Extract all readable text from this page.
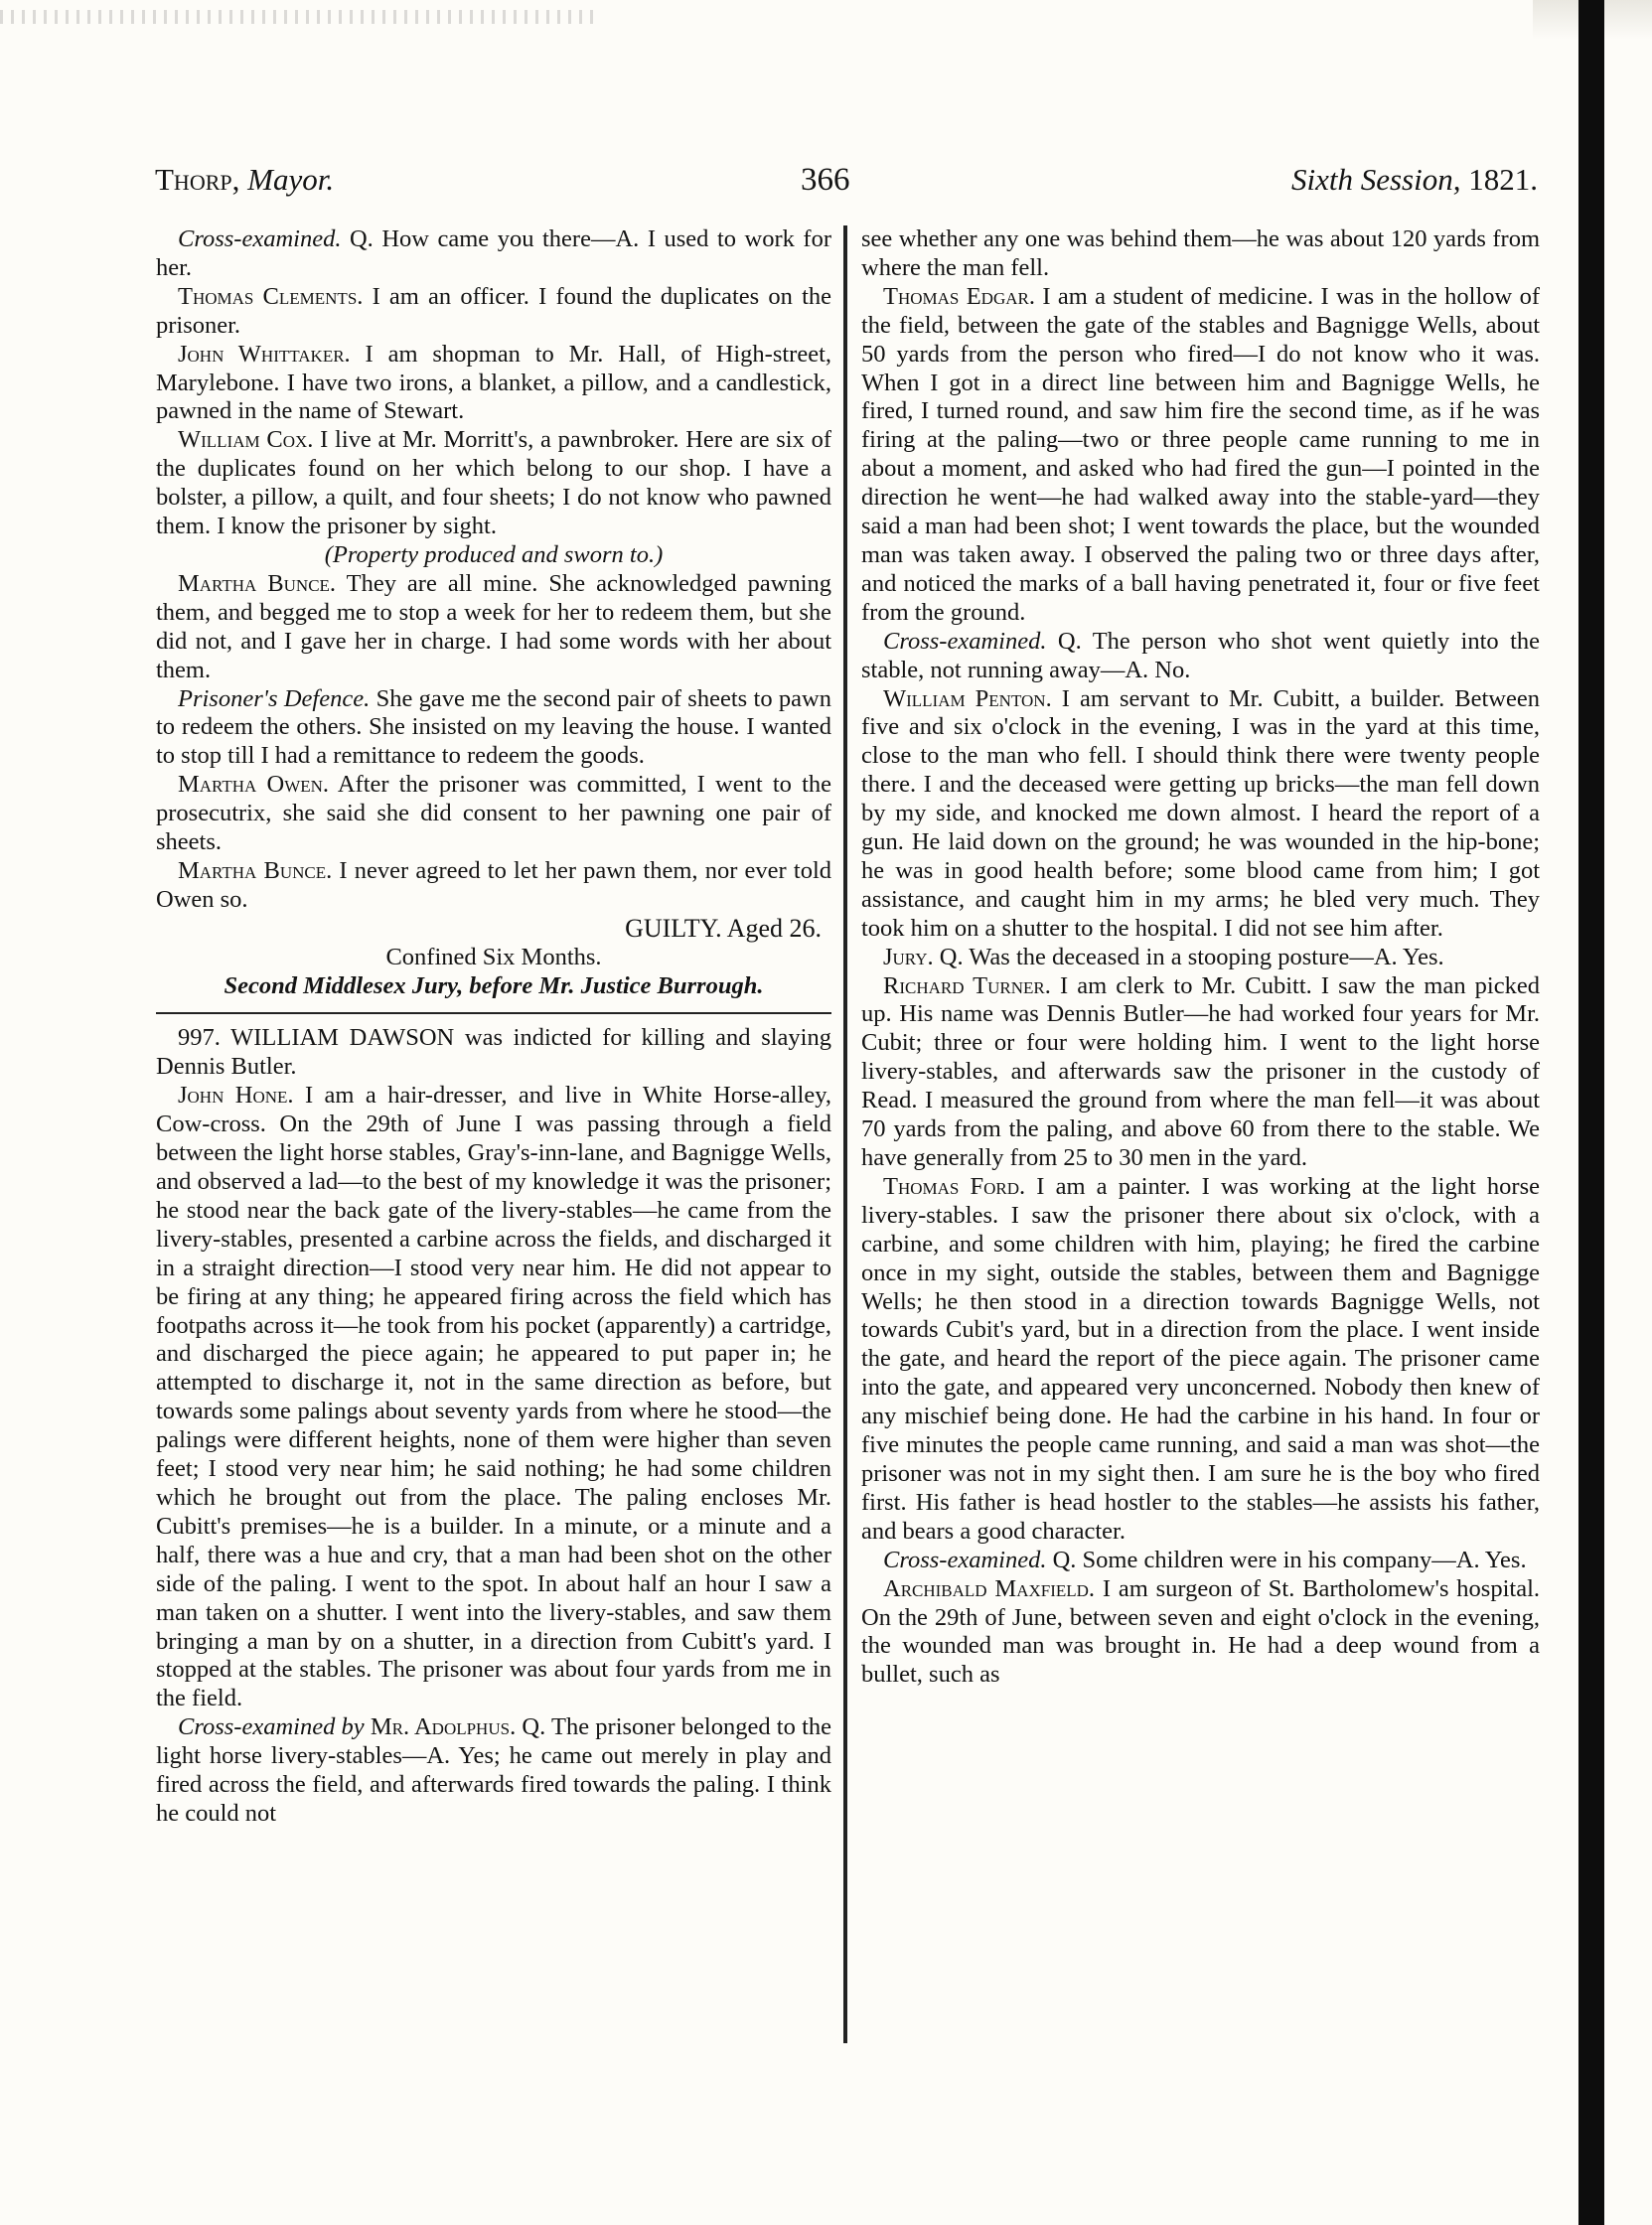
Thorp, Mayor.	366	Sixth Session, 1821.

Cross-examined. Q. How came you there—A. I used to work for her.

Thomas Clements. I am an officer. I found the duplicates on the prisoner.

John Whittaker. I am shopman to Mr. Hall, of High-street, Marylebone. I have two irons, a blanket, a pillow, and a candlestick, pawned in the name of Stewart.

William Cox. I live at Mr. Morritt's, a pawnbroker. Here are six of the duplicates found on her which belong to our shop. I have a bolster, a pillow, a quilt, and four sheets; I do not know who pawned them. I know the prisoner by sight.

(Property produced and sworn to.)

Martha Bunce. They are all mine. She acknowledged pawning them, and begged me to stop a week for her to redeem them, but she did not, and I gave her in charge. I had some words with her about them.

Prisoner's Defence. She gave me the second pair of sheets to pawn to redeem the others. She insisted on my leaving the house. I wanted to stop till I had a remittance to redeem the goods.

Martha Owen. After the prisoner was committed, I went to the prosecutrix, she said she did consent to her pawning one pair of sheets.

Martha Bunce. I never agreed to let her pawn them, nor ever told Owen so.

GUILTY. Aged 26.

Confined Six Months.

Second Middlesex Jury, before Mr. Justice Burrough.

997. WILLIAM DAWSON was indicted for killing and slaying Dennis Butler.

John Hone. I am a hair-dresser, and live in White Horse-alley, Cow-cross. On the 29th of June I was passing through a field between the light horse stables, Gray's-inn-lane, and Bagnigge Wells, and observed a lad—to the best of my knowledge it was the prisoner; he stood near the back gate of the livery-stables—he came from the livery-stables, presented a carbine across the fields, and discharged it in a straight direction—I stood very near him. He did not appear to be firing at any thing; he appeared firing across the field which has footpaths across it—he took from his pocket (apparently) a cartridge, and discharged the piece again; he appeared to put paper in; he attempted to discharge it, not in the same direction as before, but towards some palings about seventy yards from where he stood—the palings were different heights, none of them were higher than seven feet; I stood very near him; he said nothing; he had some children which he brought out from the place. The paling encloses Mr. Cubitt's premises—he is a builder. In a minute, or a minute and a half, there was a hue and cry, that a man had been shot on the other side of the paling. I went to the spot. In about half an hour I saw a man taken on a shutter. I went into the livery-stables, and saw them bringing a man by on a shutter, in a direction from Cubitt's yard. I stopped at the stables. The prisoner was about four yards from me in the field.

Cross-examined by Mr. Adolphus. Q. The prisoner belonged to the light horse livery-stables—A. Yes; he came out merely in play and fired across the field, and afterwards fired towards the paling. I think he could not

see whether any one was behind them—he was about 120 yards from where the man fell.

Thomas Edgar. I am a student of medicine. I was in the hollow of the field, between the gate of the stables and Bagnigge Wells, about 50 yards from the person who fired—I do not know who it was. When I got in a direct line between him and Bagnigge Wells, he fired, I turned round, and saw him fire the second time, as if he was firing at the paling—two or three people came running to me in about a moment, and asked who had fired the gun—I pointed in the direction he went—he had walked away into the stable-yard—they said a man had been shot; I went towards the place, but the wounded man was taken away. I observed the paling two or three days after, and noticed the marks of a ball having penetrated it, four or five feet from the ground.

Cross-examined. Q. The person who shot went quietly into the stable, not running away—A. No.

William Penton. I am servant to Mr. Cubitt, a builder. Between five and six o'clock in the evening, I was in the yard at this time, close to the man who fell. I should think there were twenty people there. I and the deceased were getting up bricks—the man fell down by my side, and knocked me down almost. I heard the report of a gun. He laid down on the ground; he was wounded in the hip-bone; he was in good health before; some blood came from him; I got assistance, and caught him in my arms; he bled very much. They took him on a shutter to the hospital. I did not see him after.

Jury. Q. Was the deceased in a stooping posture—A. Yes.

Richard Turner. I am clerk to Mr. Cubitt. I saw the man picked up. His name was Dennis Butler—he had worked four years for Mr. Cubit; three or four were holding him. I went to the light horse livery-stables, and afterwards saw the prisoner in the custody of Read. I measured the ground from where the man fell—it was about 70 yards from the paling, and above 60 from there to the stable. We have generally from 25 to 30 men in the yard.

Thomas Ford. I am a painter. I was working at the light horse livery-stables. I saw the prisoner there about six o'clock, with a carbine, and some children with him, playing; he fired the carbine once in my sight, outside the stables, between them and Bagnigge Wells; he then stood in a direction towards Bagnigge Wells, not towards Cubit's yard, but in a direction from the place. I went inside the gate, and heard the report of the piece again. The prisoner came into the gate, and appeared very unconcerned. Nobody then knew of any mischief being done. He had the carbine in his hand. In four or five minutes the people came running, and said a man was shot—the prisoner was not in my sight then. I am sure he is the boy who fired first. His father is head hostler to the stables—he assists his father, and bears a good character.

Cross-examined. Q. Some children were in his company—A. Yes.

Archibald Maxfield. I am surgeon of St. Bartholomew's hospital. On the 29th of June, between seven and eight o'clock in the evening, the wounded man was brought in. He had a deep wound from a bullet, such as
